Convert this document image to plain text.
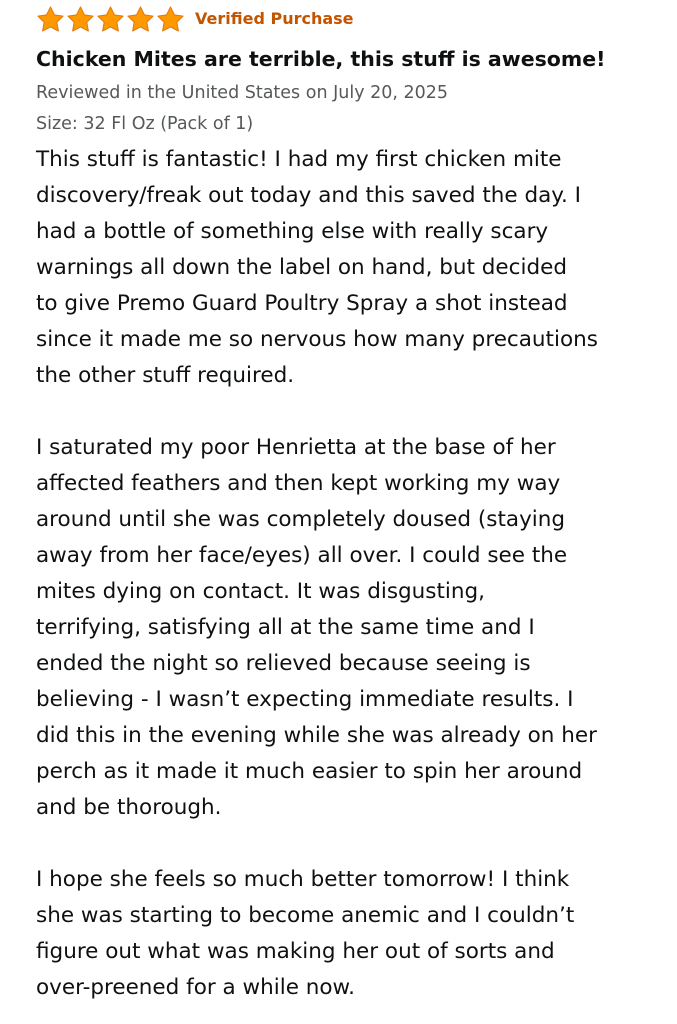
Verified Purchase
Chicken Mites are terrible, this stuff is awesome!
Reviewed in the United States on July 20, 2025
Size: 32 Fl Oz (Pack of 1)
This stuff is fantastic! I had my first chicken mite
discovery/freak out today and this saved the day. I
had a bottle of something else with really scary
warnings all down the label on hand, but decided
to give Premo Guard Poultry Spray a shot instead
since it made me so nervous how many precautions
the other stuff required.
I saturated my poor Henrietta at the base of her
affected feathers and then kept working my way
around until she was completely doused (staying
away from her face/eyes) all over. I could see the
mites dying on contact. It was disgusting,
terrifying, satisfying all at the same time and I
ended the night so relieved because seeing is
believing - I wasn’t expecting immediate results. I
did this in the evening while she was already on her
perch as it made it much easier to spin her around
and be thorough.
I hope she feels so much better tomorrow! I think
she was starting to become anemic and I couldn’t
figure out what was making her out of sorts and
over-preened for a while now.
